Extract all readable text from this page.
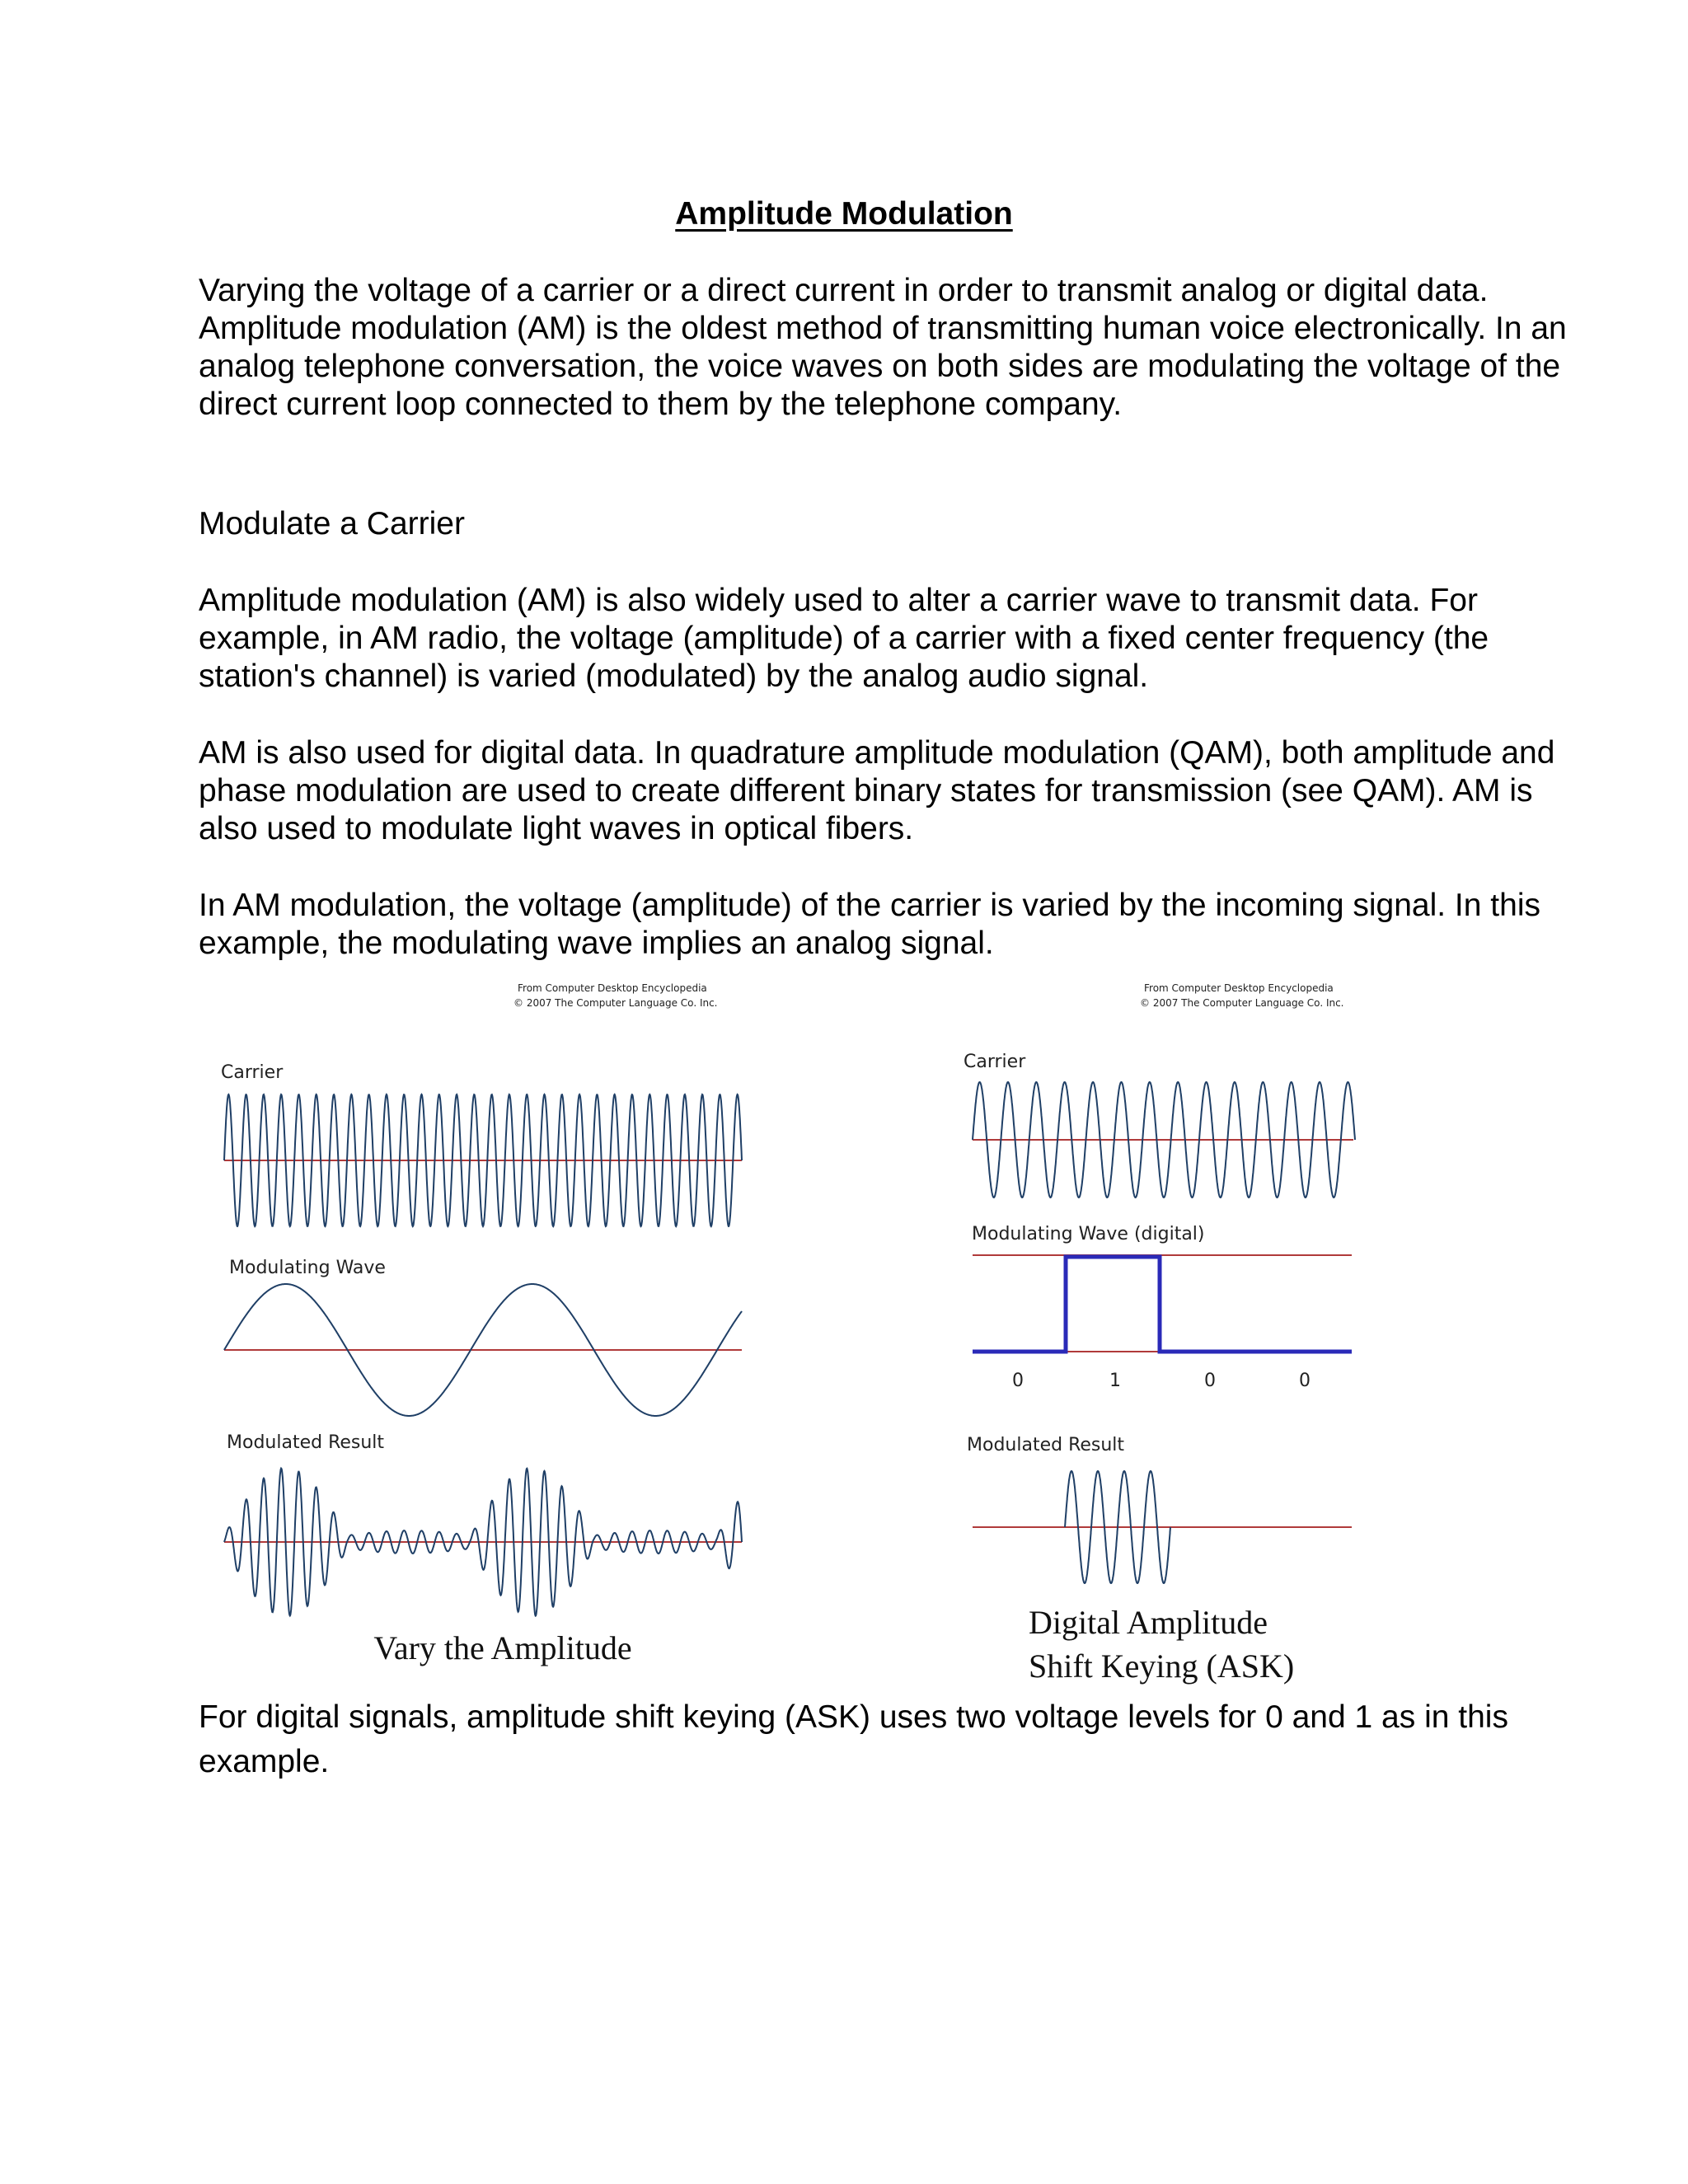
Amplitude Modulation

Varying the voltage of a carrier or a direct current in order to transmit analog or digital data. Amplitude modulation (AM) is the oldest method of transmitting human voice electronically. In an analog telephone conversation, the voice waves on both sides are modulating the voltage of the direct current loop connected to them by the telephone company.

Modulate a Carrier

Amplitude modulation (AM) is also widely used to alter a carrier wave to transmit data. For example, in AM radio, the voltage (amplitude) of a carrier with a fixed center frequency (the station's channel) is varied (modulated) by the analog audio signal.

AM is also used for digital data. In quadrature amplitude modulation (QAM), both amplitude and phase modulation are used to create different binary states for transmission (see QAM). AM is also used to modulate light waves in optical fibers.

In AM modulation, the voltage (amplitude) of the carrier is varied by the incoming signal. In this example, the modulating wave implies an analog signal.

From Computer Desktop Encyclopedia
© 2007 The Computer Language Co. Inc.
Carrier
Modulating Wave
Modulated Result
Vary the Amplitude
From Computer Desktop Encyclopedia
© 2007 The Computer Language Co. Inc.
Carrier
Modulating Wave (digital)
0	1	0	0
Modulated Result
Digital Amplitude
Shift Keying (ASK)

For digital signals, amplitude shift keying (ASK) uses two voltage levels for 0 and 1 as in this example.
